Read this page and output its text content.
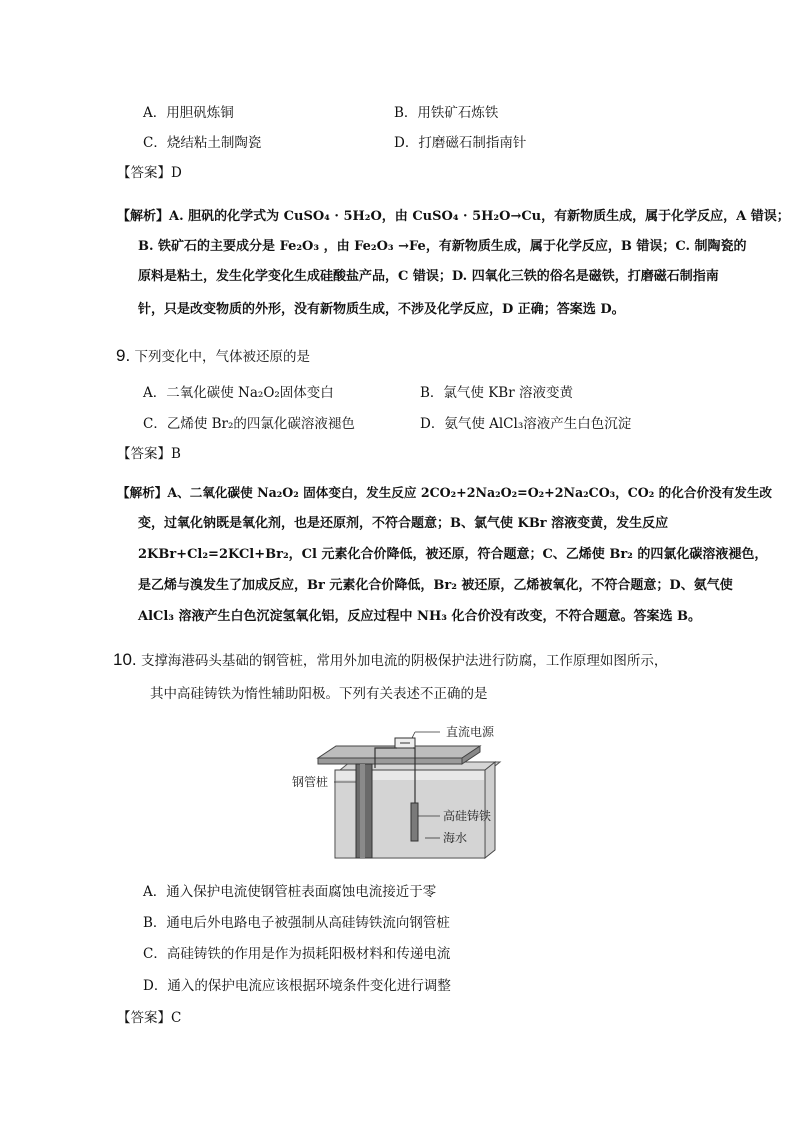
A．用胆矾炼铜	B．用铁矿石炼铁
C．烧结粘土制陶瓷	D．打磨磁石制指南针
【答案】D
【解析】A. 胆矾的化学式为 CuSO₄ · 5H₂O，由 CuSO₄ · 5H₂O→Cu，有新物质生成，属于化学反应，A 错误；
B. 铁矿石的主要成分是 Fe₂O₃ ，由 Fe₂O₃ →Fe，有新物质生成，属于化学反应，B 错误；C. 制陶瓷的
原料是粘土，发生化学变化生成硅酸盐产品，C 错误；D. 四氧化三铁的俗名是磁铁，打磨磁石制指南
针，只是改变物质的外形，没有新物质生成，不涉及化学反应，D 正确；答案选 D。
9. 下列变化中，气体被还原的是
A．二氧化碳使 Na₂O₂固体变白	B．氯气使 KBr 溶液变黄
C．乙烯使 Br₂的四氯化碳溶液褪色	D．氨气使 AlCl₃溶液产生白色沉淀
【答案】B
【解析】A、二氧化碳使 Na₂O₂ 固体变白，发生反应 2CO₂+2Na₂O₂=O₂+2Na₂CO₃，CO₂ 的化合价没有发生改
变，过氧化钠既是氧化剂，也是还原剂，不符合题意；B、氯气使 KBr 溶液变黄，发生反应
2KBr+Cl₂=2KCl+Br₂，Cl 元素化合价降低，被还原，符合题意；C、乙烯使 Br₂ 的四氯化碳溶液褪色，
是乙烯与溴发生了加成反应，Br 元素化合价降低，Br₂ 被还原，乙烯被氧化，不符合题意；D、氨气使
AlCl₃ 溶液产生白色沉淀氢氧化铝，反应过程中 NH₃ 化合价没有改变，不符合题意。答案选 B。
10. 支撑海港码头基础的钢管桩，常用外加电流的阴极保护法进行防腐，工作原理如图所示，
其中高硅铸铁为惰性辅助阳极。下列有关表述不正确的是
直流电源
钢管桩
高硅铸铁
海水
A．通入保护电流使钢管桩表面腐蚀电流接近于零
B．通电后外电路电子被强制从高硅铸铁流向钢管桩
C．高硅铸铁的作用是作为损耗阳极材料和传递电流
D．通入的保护电流应该根据环境条件变化进行调整
【答案】C
